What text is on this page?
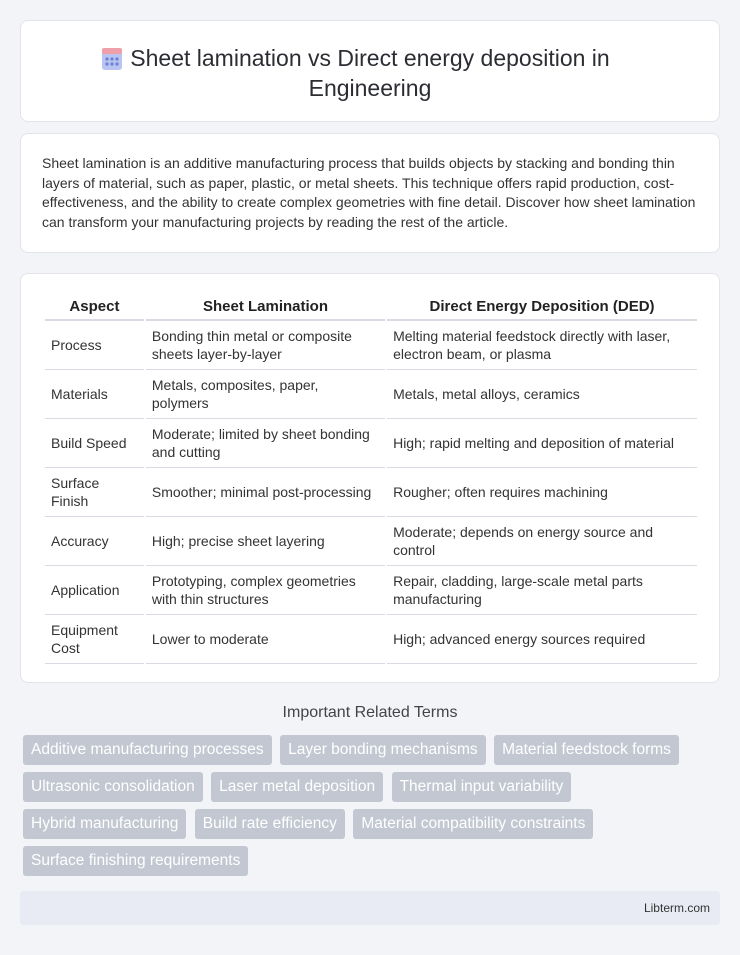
Sheet lamination vs Direct energy deposition in Engineering

Sheet lamination is an additive manufacturing process that builds objects by stacking and bonding thin layers of material, such as paper, plastic, or metal sheets. This technique offers rapid production, cost-effectiveness, and the ability to create complex geometries with fine detail. Discover how sheet lamination can transform your manufacturing projects by reading the rest of the article.

Aspect	Sheet Lamination	Direct Energy Deposition (DED)
Process	Bonding thin metal or composite sheets layer-by-layer	Melting material feedstock directly with laser, electron beam, or plasma
Materials	Metals, composites, paper, polymers	Metals, metal alloys, ceramics
Build Speed	Moderate; limited by sheet bonding and cutting	High; rapid melting and deposition of material
Surface Finish	Smoother; minimal post-processing	Rougher; often requires machining
Accuracy	High; precise sheet layering	Moderate; depends on energy source and control
Application	Prototyping, complex geometries with thin structures	Repair, cladding, large-scale metal parts manufacturing
Equipment Cost	Lower to moderate	High; advanced energy sources required
Important Related Terms
Additive manufacturing processes Layer bonding mechanisms Material feedstock forms Ultrasonic consolidation Laser metal deposition Thermal input variability Hybrid manufacturing Build rate efficiency Material compatibility constraints Surface finishing requirements
Libterm.com
